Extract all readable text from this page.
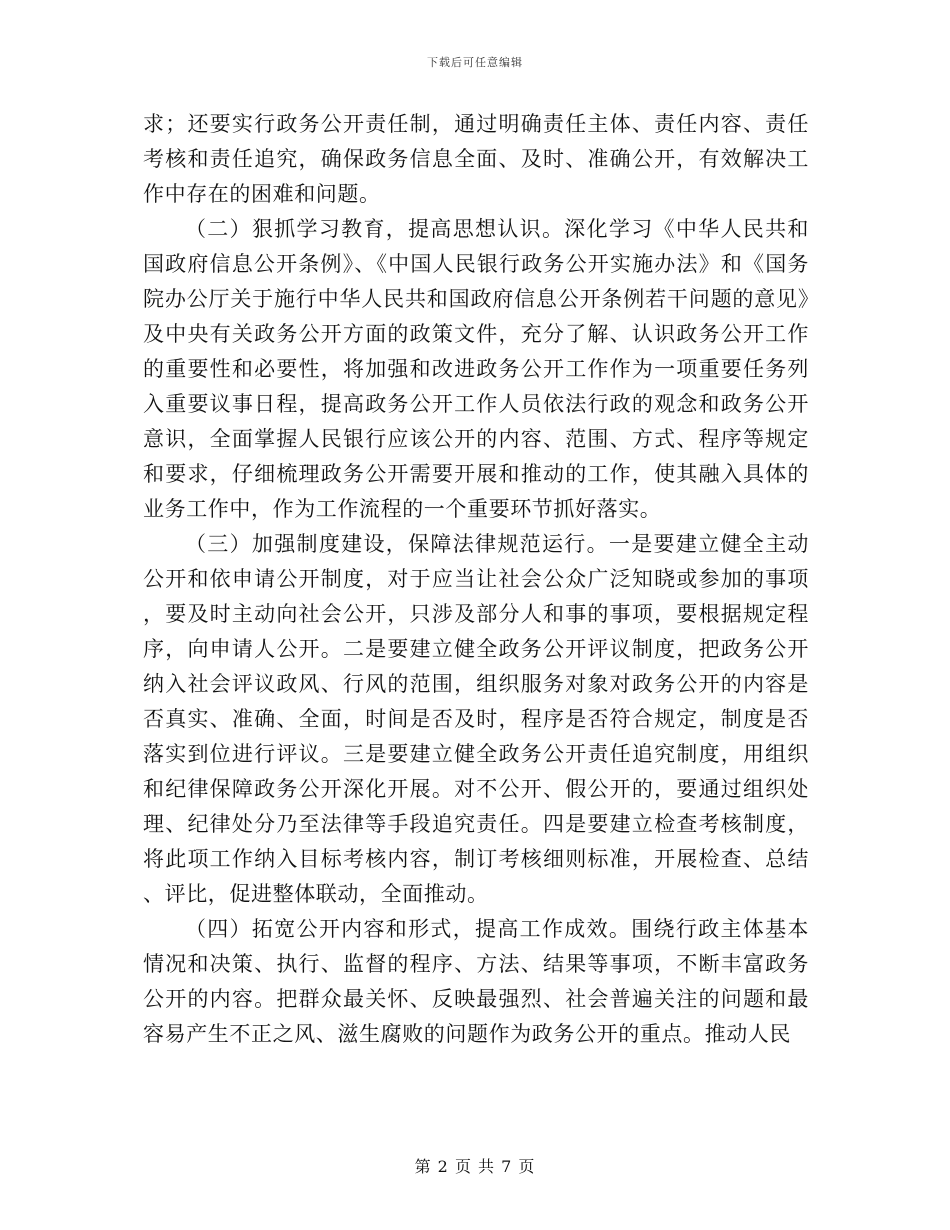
下载后可任意编辑

求；还要实行政务公开责任制，通过明确责任主体、责任内容、责任考核和责任追究，确保政务信息全面、及时、准确公开，有效解决工作中存在的困难和问题。

（二）狠抓学习教育，提高思想认识。深化学习《中华人民共和国政府信息公开条例》、《中国人民银行政务公开实施办法》和《国务院办公厅关于施行中华人民共和国政府信息公开条例若干问题的意见》及中央有关政务公开方面的政策文件，充分了解、认识政务公开工作的重要性和必要性，将加强和改进政务公开工作作为一项重要任务列入重要议事日程，提高政务公开工作人员依法行政的观念和政务公开意识，全面掌握人民银行应该公开的内容、范围、方式、程序等规定和要求，仔细梳理政务公开需要开展和推动的工作，使其融入具体的业务工作中，作为工作流程的一个重要环节抓好落实。

（三）加强制度建设，保障法律规范运行。一是要建立健全主动公开和依申请公开制度，对于应当让社会公众广泛知晓或参加的事项，要及时主动向社会公开，只涉及部分人和事的事项，要根据规定程序，向申请人公开。二是要建立健全政务公开评议制度，把政务公开纳入社会评议政风、行风的范围，组织服务对象对政务公开的内容是否真实、准确、全面，时间是否及时，程序是否符合规定，制度是否落实到位进行评议。三是要建立健全政务公开责任追究制度，用组织和纪律保障政务公开深化开展。对不公开、假公开的，要通过组织处理、纪律处分乃至法律等手段追究责任。四是要建立检查考核制度，将此项工作纳入目标考核内容，制订考核细则标准，开展检查、总结、评比，促进整体联动，全面推动。

（四）拓宽公开内容和形式，提高工作成效。围绕行政主体基本情况和决策、执行、监督的程序、方法、结果等事项，不断丰富政务公开的内容。把群众最关怀、反映最强烈、社会普遍关注的问题和最容易产生不正之风、滋生腐败的问题作为政务公开的重点。推动人民

第 2 页 共 7 页
